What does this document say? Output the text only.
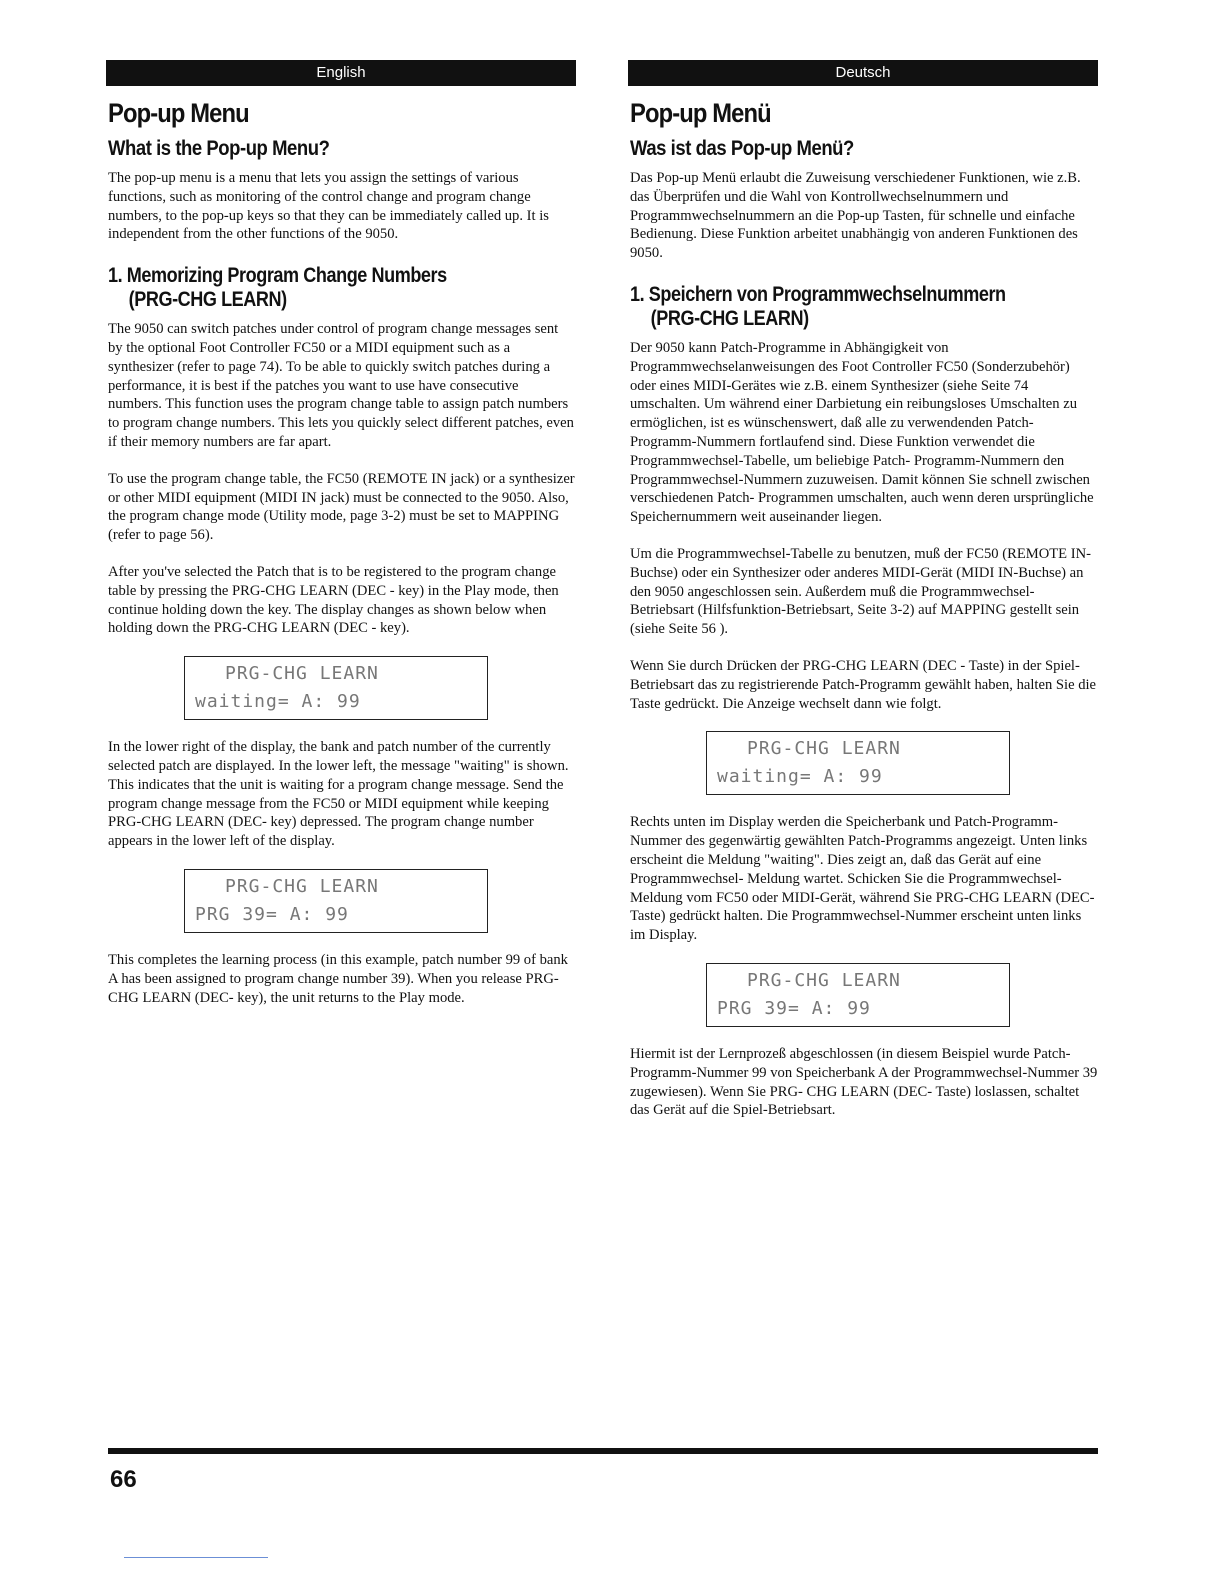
English
Pop-up Menu
What is the Pop-up Menu?

The pop-up menu is a menu that lets you assign the settings of various functions, such as monitoring of the control change and program change numbers, to the pop-up keys so that they can be immediately called up. It is independent from the other functions of the 9050.

1. Memorizing Program Change Numbers
(PRG-CHG LEARN)

The 9050 can switch patches under control of program change messages sent by the optional Foot Controller FC50 or a MIDI equipment such as a synthesizer (refer to page 74). To be able to quickly switch patches during a performance, it is best if the patches you want to use have consecutive numbers. This function uses the program change table to assign patch numbers to program change numbers. This lets you quickly select different patches, even if their memory numbers are far apart.

To use the program change table, the FC50 (REMOTE IN jack) or a synthesizer or other MIDI equipment (MIDI IN jack) must be connected to the 9050. Also, the program change mode (Utility mode, page 3-2) must be set to MAPPING (refer to page 56).

After you've selected the Patch that is to be registered to the program change table by pressing the PRG-CHG LEARN (DEC - key) in the Play mode, then continue holding down the key. The display changes as shown below when holding down the PRG-CHG LEARN (DEC - key).

PRG-CHG LEARN
waiting= A: 99

In the lower right of the display, the bank and patch number of the currently selected patch are displayed. In the lower left, the message "waiting" is shown. This indicates that the unit is waiting for a program change message. Send the program change message from the FC50 or MIDI equipment while keeping PRG-CHG LEARN (DEC- key) depressed. The program change number appears in the lower left of the display.

PRG-CHG LEARN
PRG 39= A: 99

This completes the learning process (in this example, patch number 99 of bank A has been assigned to program change number 39). When you release PRG-CHG LEARN (DEC- key), the unit returns to the Play mode.

Deutsch
Pop-up Menü
Was ist das Pop-up Menü?

Das Pop-up Menü erlaubt die Zuweisung verschiedener Funktionen, wie z.B. das Überprüfen und die Wahl von Kontrollwechselnummern und Programmwechselnummern an die Pop-up Tasten, für schnelle und einfache Bedienung. Diese Funktion arbeitet unabhängig von anderen Funktionen des 9050.

1. Speichern von Programmwechselnummern
(PRG-CHG LEARN)

Der 9050 kann Patch-Programme in Abhängigkeit von Programmwechselanweisungen des Foot Controller FC50 (Sonderzubehör) oder eines MIDI-Gerätes wie z.B. einem Synthesizer (siehe Seite 74 umschalten. Um während einer Darbietung ein reibungsloses Umschalten zu ermöglichen, ist es wünschenswert, daß alle zu verwendenden Patch- Programm-Nummern fortlaufend sind. Diese Funktion verwendet die Programmwechsel-Tabelle, um beliebige Patch- Programm-Nummern den Programmwechsel-Nummern zuzuweisen. Damit können Sie schnell zwischen verschiedenen Patch- Programmen umschalten, auch wenn deren ursprüngliche Speichernummern weit auseinander liegen.

Um die Programmwechsel-Tabelle zu benutzen, muß der FC50 (REMOTE IN-Buchse) oder ein Synthesizer oder anderes MIDI-Gerät (MIDI IN-Buchse) an den 9050 angeschlossen sein. Außerdem muß die Programmwechsel-Betriebsart (Hilfsfunktion-Betriebsart, Seite 3-2) auf MAPPING gestellt sein (siehe Seite 56 ).

Wenn Sie durch Drücken der PRG-CHG LEARN (DEC - Taste) in der Spiel-Betriebsart das zu registrierende Patch-Programm gewählt haben, halten Sie die Taste gedrückt. Die Anzeige wechselt dann wie folgt.

PRG-CHG LEARN
waiting= A: 99

Rechts unten im Display werden die Speicherbank und Patch-Programm-Nummer des gegenwärtig gewählten Patch-Programms angezeigt. Unten links erscheint die Meldung "waiting". Dies zeigt an, daß das Gerät auf eine Programmwechsel- Meldung wartet. Schicken Sie die Programmwechsel-Meldung vom FC50 oder MIDI-Gerät, während Sie PRG-CHG LEARN (DEC- Taste) gedrückt halten. Die Programmwechsel-Nummer erscheint unten links im Display.

PRG-CHG LEARN
PRG 39= A: 99

Hiermit ist der Lernprozeß abgeschlossen (in diesem Beispiel wurde Patch-Programm-Nummer 99 von Speicherbank A der Programmwechsel-Nummer 39 zugewiesen). Wenn Sie PRG- CHG LEARN (DEC- Taste) loslassen, schaltet das Gerät auf die Spiel-Betriebsart.

66
